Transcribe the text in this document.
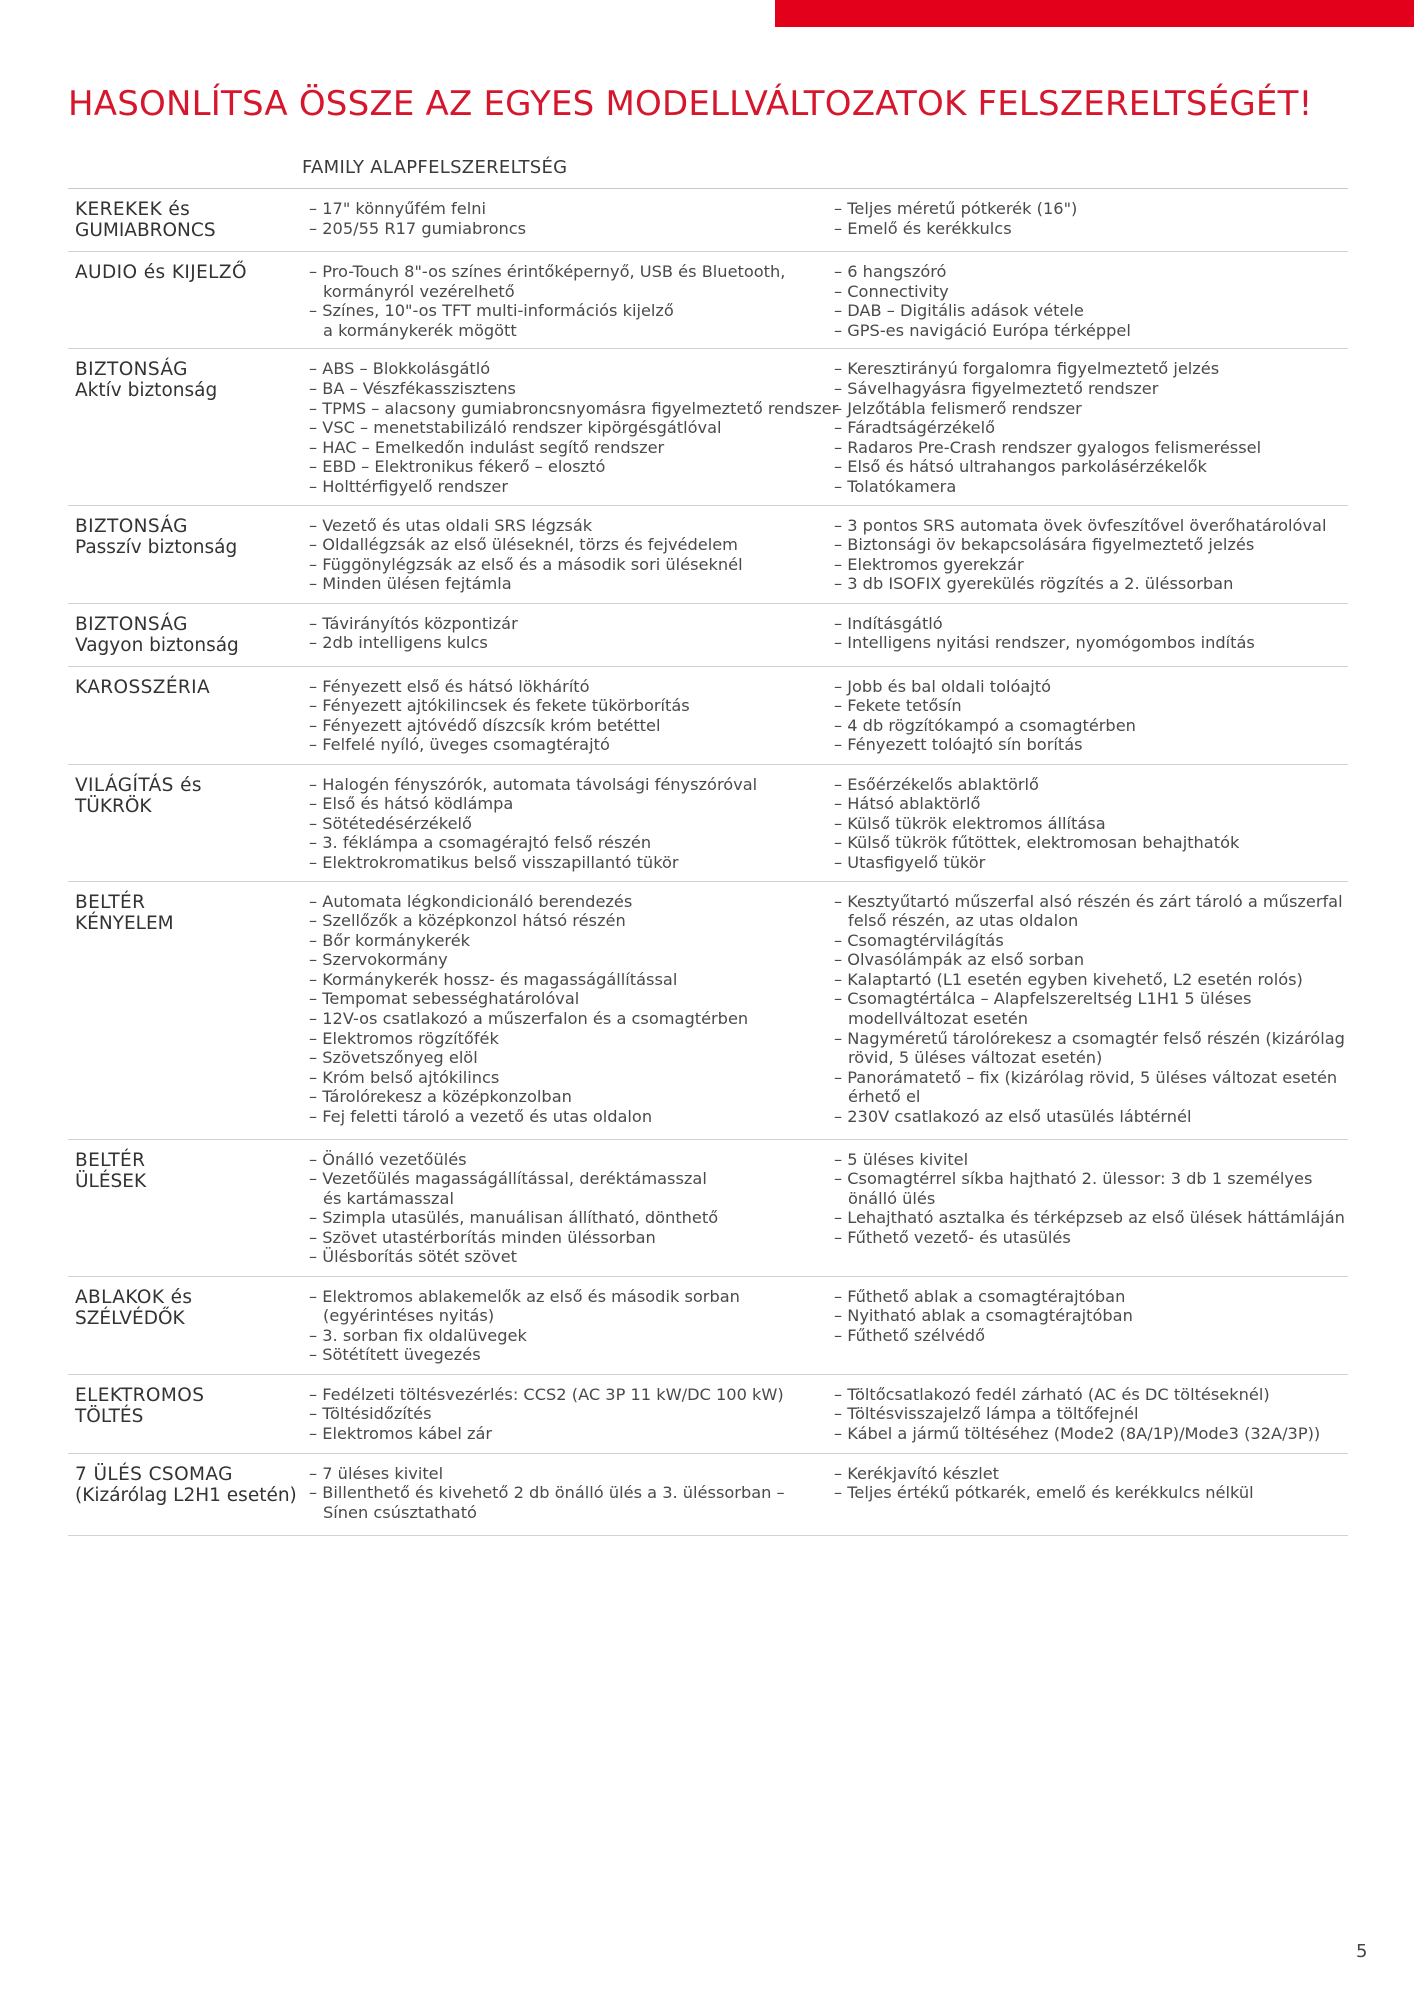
HASONLÍTSA ÖSSZE AZ EGYES MODELLVÁLTOZATOK FELSZERELTSÉGÉT!
FAMILY ALAPFELSZERELTSÉG
KEREKEK és
GUMIABRONCS
– 17" könnyűfém felni
– 205/55 R17 gumiabroncs
– Teljes méretű pótkerék (16")
– Emelő és kerékkulcs
AUDIO és KIJELZŐ	– Pro-Touch 8"-os színes érintőképernyő, USB és Bluetooth,
kormányról vezérelhető
– Színes, 10"-os TFT multi-információs kijelző
a kormánykerék mögött
– 6 hangszóró
– Connectivity
– DAB – Digitális adások vétele
– GPS-es navigáció Európa térképpel
BIZTONSÁG
Aktív biztonság
– ABS – Blokkolásgátló
– BA – Vészfékasszisztens
– TPMS – alacsony gumiabroncsnyomásra figyelmeztető rendszer
– VSC – menetstabilizáló rendszer kipörgésgátlóval
– HAC – Emelkedőn indulást segítő rendszer
– EBD – Elektronikus fékerő – elosztó
– Holttérfigyelő rendszer
– Keresztirányú forgalomra figyelmeztető jelzés
– Sávelhagyásra figyelmeztető rendszer
– Jelzőtábla felismerő rendszer
– Fáradtságérzékelő
– Radaros Pre-Crash rendszer gyalogos felismeréssel
– Első és hátsó ultrahangos parkolásérzékelők
– Tolatókamera
BIZTONSÁG
Passzív biztonság
– Vezető és utas oldali SRS légzsák
– Oldallégzsák az első üléseknél, törzs és fejvédelem
– Függönylégzsák az első és a második sori üléseknél
– Minden ülésen fejtámla
– 3 pontos SRS automata övek övfeszítővel överőhatárolóval
– Biztonsági öv bekapcsolására figyelmeztető jelzés
– Elektromos gyerekzár
– 3 db ISOFIX gyerekülés rögzítés a 2. üléssorban
BIZTONSÁG
Vagyon biztonság
– Távirányítós központizár
– 2db intelligens kulcs
– Indításgátló
– Intelligens nyitási rendszer, nyomógombos indítás
KAROSSZÉRIA	– Fényezett első és hátsó lökhárító
– Fényezett ajtókilincsek és fekete tükörborítás
– Fényezett ajtóvédő díszcsík króm betéttel
– Felfelé nyíló, üveges csomagtérajtó
– Jobb és bal oldali tolóajtó
– Fekete tetősín
– 4 db rögzítókampó a csomagtérben
– Fényezett tolóajtó sín borítás
VILÁGÍTÁS és
TÜKRÖK
– Halogén fényszórók, automata távolsági fényszóróval
– Első és hátsó ködlámpa
– Sötétedésérzékelő
– 3. féklámpa a csomagérajtó felső részén
– Elektrokromatikus belső visszapillantó tükör
– Esőérzékelős ablaktörlő
– Hátsó ablaktörlő
– Külső tükrök elektromos állítása
– Külső tükrök fűtöttek, elektromosan behajthatók
– Utasfigyelő tükör
BELTÉR
KÉNYELEM
– Automata légkondicionáló berendezés
– Szellőzők a középkonzol hátsó részén
– Bőr kormánykerék
– Szervokormány
– Kormánykerék hossz- és magasságállítással
– Tempomat sebességhatárolóval
– 12V-os csatlakozó a műszerfalon és a csomagtérben
– Elektromos rögzítőfék
– Szövetszőnyeg elöl
– Króm belső ajtókilincs
– Tárolórekesz a középkonzolban
– Fej feletti tároló a vezető és utas oldalon
– Kesztyűtartó műszerfal alsó részén és zárt tároló a műszerfal
felső részén, az utas oldalon
– Csomagtérvilágítás
– Olvasólámpák az első sorban
– Kalaptartó (L1 esetén egyben kivehető, L2 esetén rolós)
– Csomagtértálca – Alapfelszereltség L1H1 5 üléses
modellváltozat esetén
– Nagyméretű tárolórekesz a csomagtér felső részén (kizárólag
rövid, 5 üléses változat esetén)
– Panorámatető – fix (kizárólag rövid, 5 üléses változat esetén
érhető el
– 230V csatlakozó az első utasülés lábtérnél
BELTÉR
ÜLÉSEK
– Önálló vezetőülés
– Vezetőülés magasságállítással, deréktámasszal
és kartámasszal
– Szimpla utasülés, manuálisan állítható, dönthető
– Szövet utastérborítás minden üléssorban
– Ülésborítás sötét szövet
– 5 üléses kivitel
– Csomagtérrel síkba hajtható 2. ülessor: 3 db 1 személyes
önálló ülés
– Lehajtható asztalka és térképzseb az első ülések háttámláján
– Fűthető vezető- és utasülés
ABLAKOK és
SZÉLVÉDŐK
– Elektromos ablakemelők az első és második sorban
(egyérintéses nyitás)
– 3. sorban fix oldalüvegek
– Sötétített üvegezés
– Fűthető ablak a csomagtérajtóban
– Nyitható ablak a csomagtérajtóban
– Fűthető szélvédő
ELEKTROMOS
TÖLTÉS
– Fedélzeti töltésvezérlés: CCS2 (AC 3P 11 kW/DC 100 kW)
– Töltésidőzítés
– Elektromos kábel zár
– Töltőcsatlakozó fedél zárható (AC és DC töltéseknél)
– Töltésvisszajelző lámpa a töltőfejnél
– Kábel a jármű töltéséhez (Mode2 (8A/1P)/Mode3 (32A/3P))
7 ÜLÉS CSOMAG
(Kizárólag L2H1 esetén)
– 7 üléses kivitel
– Billenthető és kivehető 2 db önálló ülés a 3. üléssorban –
Sínen csúsztatható
– Kerékjavító készlet
– Teljes értékű pótkarék, emelő és kerékkulcs nélkül
5
